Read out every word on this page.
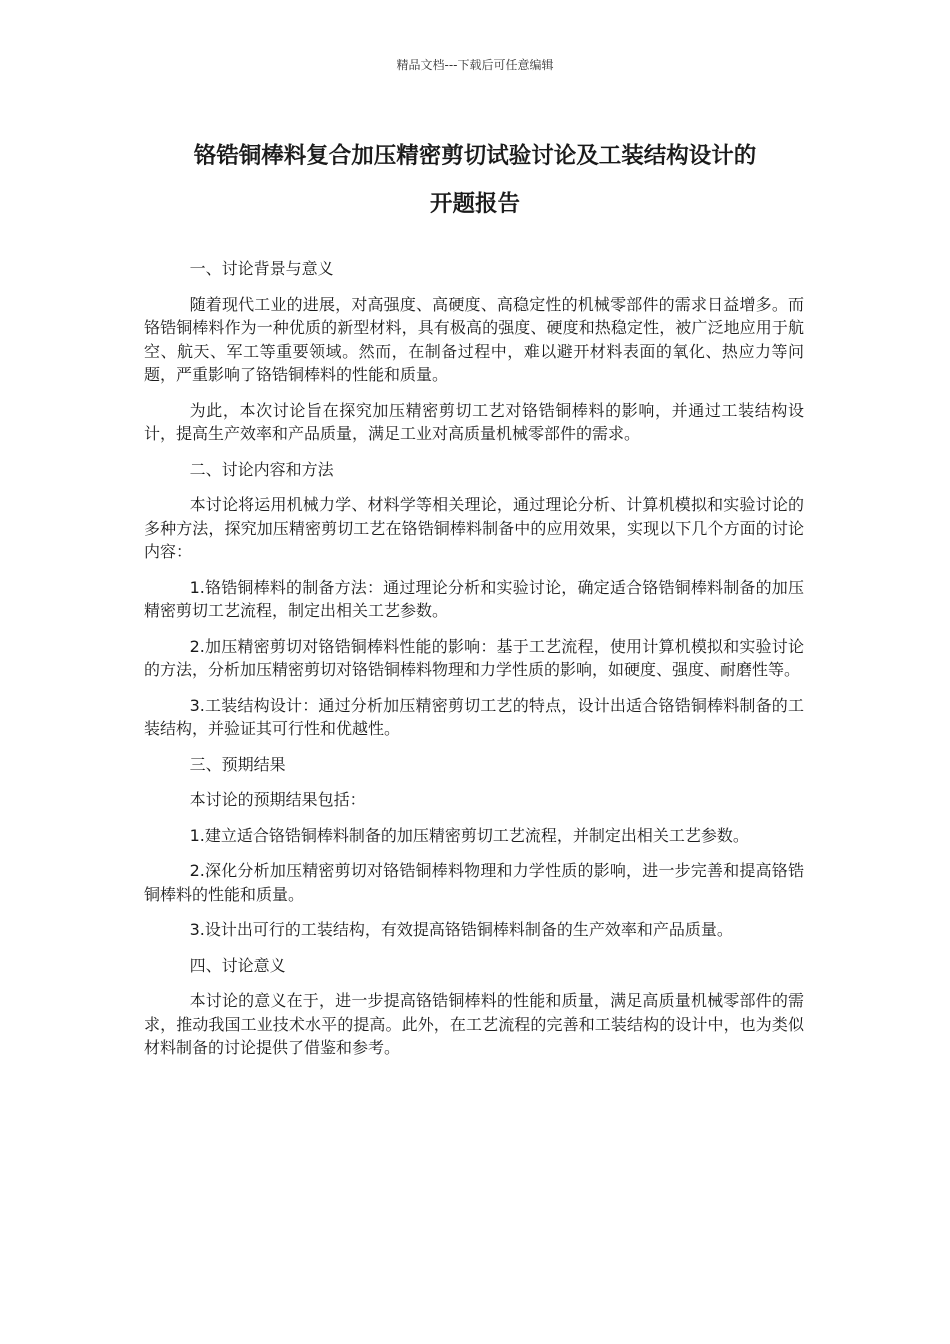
精品文档---下载后可任意编辑
铬锆铜棒料复合加压精密剪切试验讨论及工装结构设计的
开题报告

一、讨论背景与意义

随着现代工业的进展，对高强度、高硬度、高稳定性的机械零部件的需求日益增多。而铬锆铜棒料作为一种优质的新型材料，具有极高的强度、硬度和热稳定性，被广泛地应用于航空、航天、军工等重要领域。然而，在制备过程中，难以避开材料表面的氧化、热应力等问题，严重影响了铬锆铜棒料的性能和质量。

为此，本次讨论旨在探究加压精密剪切工艺对铬锆铜棒料的影响，并通过工装结构设计，提高生产效率和产品质量，满足工业对高质量机械零部件的需求。

二、讨论内容和方法

本讨论将运用机械力学、材料学等相关理论，通过理论分析、计算机模拟和实验讨论的多种方法，探究加压精密剪切工艺在铬锆铜棒料制备中的应用效果，实现以下几个方面的讨论内容：

1.铬锆铜棒料的制备方法：通过理论分析和实验讨论，确定适合铬锆铜棒料制备的加压精密剪切工艺流程，制定出相关工艺参数。

2.加压精密剪切对铬锆铜棒料性能的影响：基于工艺流程，使用计算机模拟和实验讨论的方法，分析加压精密剪切对铬锆铜棒料物理和力学性质的影响，如硬度、强度、耐磨性等。

3.工装结构设计：通过分析加压精密剪切工艺的特点，设计出适合铬锆铜棒料制备的工装结构，并验证其可行性和优越性。

三、预期结果

本讨论的预期结果包括：

1.建立适合铬锆铜棒料制备的加压精密剪切工艺流程，并制定出相关工艺参数。

2.深化分析加压精密剪切对铬锆铜棒料物理和力学性质的影响，进一步完善和提高铬锆铜棒料的性能和质量。

3.设计出可行的工装结构，有效提高铬锆铜棒料制备的生产效率和产品质量。

四、讨论意义

本讨论的意义在于，进一步提高铬锆铜棒料的性能和质量，满足高质量机械零部件的需求，推动我国工业技术水平的提高。此外，在工艺流程的完善和工装结构的设计中，也为类似材料制备的讨论提供了借鉴和参考。
